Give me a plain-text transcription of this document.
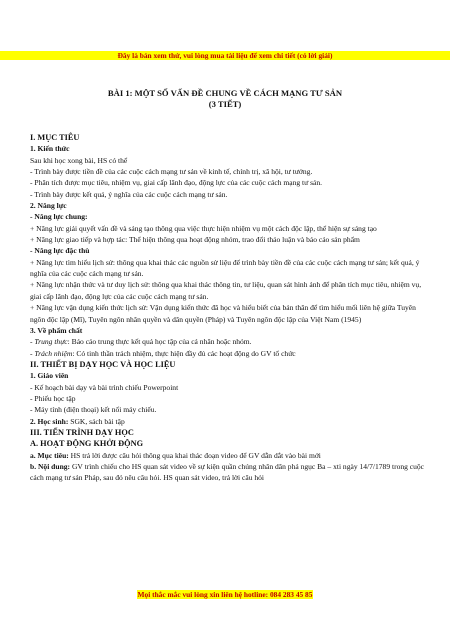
Đây là bản xem thử, vui lòng mua tài liệu để xem chi tiết (có lời giải)
BÀI 1: MỘT SỐ VẤN ĐỀ CHUNG VỀ CÁCH MẠNG TƯ SẢN
(3 TIẾT)

I. MỤC TIÊU

1. Kiến thức

Sau khi học xong bài, HS có thể

- Trình bày được tiền đề của các cuộc cách mạng tư sản về kinh tế, chính trị, xã hội, tư tưởng.

- Phân tích được mục tiêu, nhiệm vụ, giai cấp lãnh đạo, động lực của các cuộc cách mạng tư sản.

- Trình bày được kết quả, ý nghĩa của các cuộc cách mạng tư sản.

2. Năng lực

- Năng lực chung:

+ Năng lực giải quyết vấn đề và sáng tạo thông qua việc thực hiện nhiệm vụ một cách độc lập, thể hiện sự sáng tạo

+ Năng lực giao tiếp và hợp tác: Thể hiện thông qua hoạt động nhóm, trao đổi thảo luận và báo cáo sản phẩm

- Năng lực đặc thù

+ Năng lực tìm hiểu lịch sử: thông qua khai thác các nguồn sử liệu để trình bày tiền đề của các cuộc cách mạng tư sản; kết quả, ý nghĩa của các cuộc cách mạng tư sản.

+ Năng lực nhận thức và tư duy lịch sử: thông qua khai thác thông tin, tư liệu, quan sát hình ảnh để phân tích mục tiêu, nhiệm vụ, giai cấp lãnh đạo, động lực của các cuộc cách mạng tư sản.

+ Năng lực vận dụng kiến thức lịch sử: Vận dụng kiến thức đã học và hiểu biết của bản thân để tìm hiểu mối liên hệ giữa Tuyên ngôn độc lập (Mĩ), Tuyên ngôn nhân quyền và dân quyền (Pháp) và Tuyên ngôn độc lập của Việt Nam (1945)

3. Về phẩm chất

- Trung thực: Báo cáo trung thực kết quả học tập của cá nhân hoặc nhóm.

- Trách nhiệm: Có tinh thần trách nhiệm, thực hiện đầy đủ các hoạt động do GV tổ chức

II. THIẾT BỊ DẠY HỌC VÀ HỌC LIỆU

1. Giáo viên

- Kế hoạch bài dạy và bài trình chiếu Powerpoint

- Phiếu học tập

- Máy tính (điện thoại) kết nối máy chiếu.

2. Học sinh: SGK, sách bài tập

III. TIẾN TRÌNH DẠY HỌC

A. HOẠT ĐỘNG KHỞI ĐỘNG

a. Mục tiêu: HS trả lời được câu hỏi thông qua khai thác đoạn video để GV dẫn dắt vào bài mới

b. Nội dung: GV trình chiếu cho HS quan sát video về sự kiện quần chúng nhân dân phá ngục Ba – xti ngày 14/7/1789 trong cuộc cách mạng tư sản Pháp, sau đó nêu câu hỏi. HS quan sát video, trả lời câu hỏi

Mọi thắc mắc vui lòng xin liên hệ hotline: 084 283 45 85
